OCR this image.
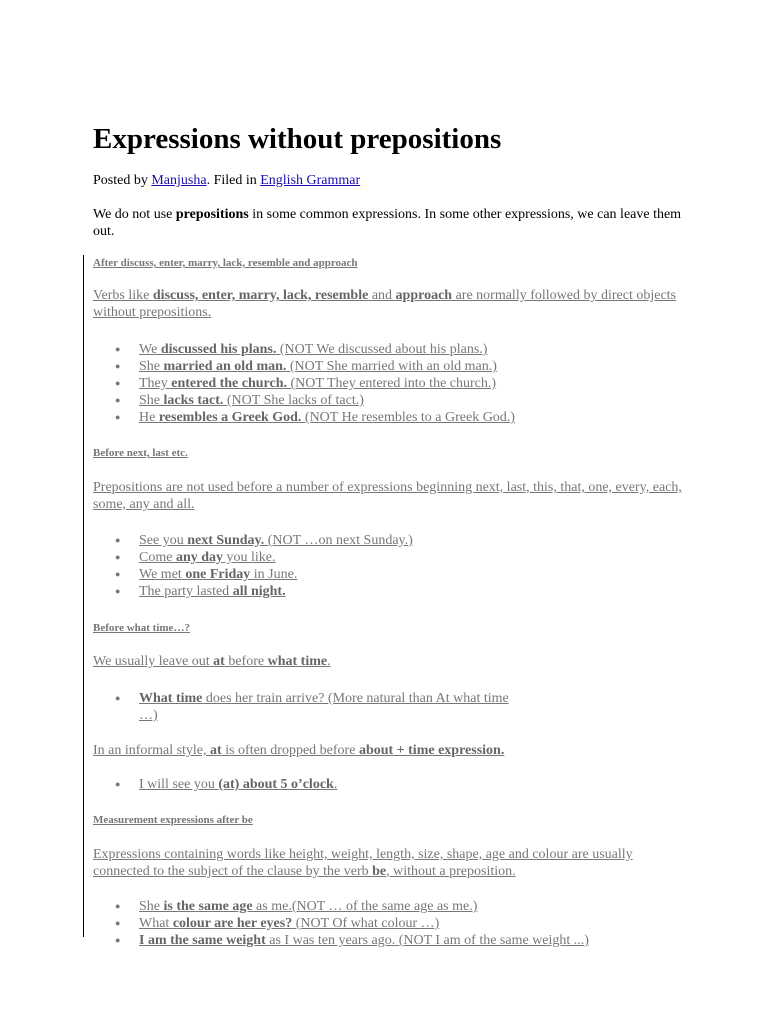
Expressions without prepositions
Posted by Manjusha. Filed in English Grammar
We do not use prepositions in some common expressions. In some other expressions, we can leave them out.

After discuss, enter, marry, lack, resemble and approach

Verbs like discuss, enter, marry, lack, resemble and approach are normally followed by direct objects without prepositions.

● We discussed his plans. (NOT We discussed about his plans.)
● She married an old man. (NOT She married with an old man.)
● They entered the church. (NOT They entered into the church.)
● She lacks tact. (NOT She lacks of tact.)
● He resembles a Greek God. (NOT He resembles to a Greek God.)

Before next, last etc.

Prepositions are not used before a number of expressions beginning next, last, this, that, one, every, each, some, any and all.

● See you next Sunday. (NOT …on next Sunday.)
● Come any day you like.
● We met one Friday in June.
● The party lasted all night.

Before what time…?

We usually leave out at before what time.

● What time does her train arrive? (More natural than At what time …)

In an informal style, at is often dropped before about + time expression.

● I will see you (at) about 5 o’clock.

Measurement expressions after be

Expressions containing words like height, weight, length, size, shape, age and colour are usually connected to the subject of the clause by the verb be, without a preposition.

● She is the same age as me.(NOT … of the same age as me.)
● What colour are her eyes? (NOT Of what colour …)
● I am the same weight as I was ten years ago. (NOT I am of the same weight ...)
